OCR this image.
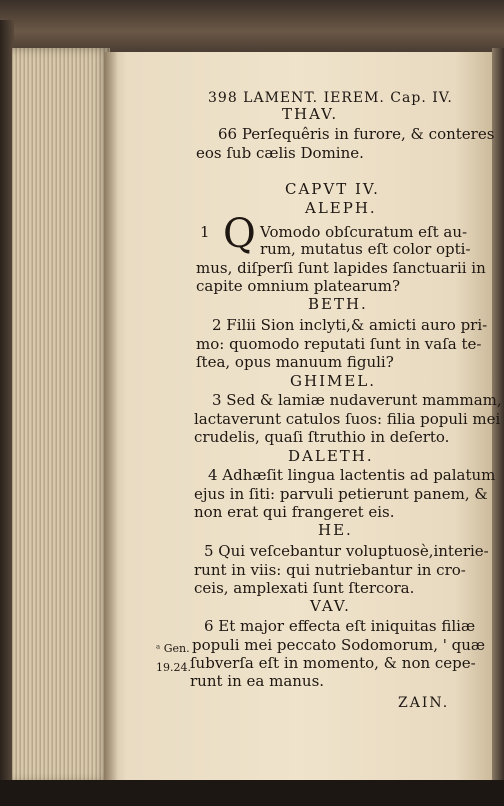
398 LAMENT. IEREM. Cap. IV.
THAV.
66 Perſequêris in furore, & conteres
eos ſub cælis Domine.
CAPVT IV.
ALEPH.
1 Q Vomodo obſcuratum eſt au-
rum, mutatus eſt color opti-
mus, diſperſi ſunt lapides ſanctuarii in
capite omnium platearum?
BETH.
2 Filii Sion inclyti,& amicti auro pri-
mo: quomodo reputati ſunt in vaſa te-
ſtea, opus manuum figuli?
GHIMEL.
3 Sed & lamiæ nudaverunt mammam,
lactaverunt catulos ſuos: filia populi mei
crudelis, quaſi ſtruthio in deſerto.
DALETH.
4 Adhæſit lingua lactentis ad palatum
ejus in ſiti: parvuli petierunt panem, &
non erat qui frangeret eis.
HE.
5 Qui veſcebantur voluptuosè,interie-
runt in viis: qui nutriebantur in cro-
ceis, amplexati ſunt ſtercora.
VAV.
6 Et major effecta eſt iniquitas filiæ
ᵃ Gen. populi mei peccato Sodomorum, ' quæ
19.24. ſubverſa eſt in momento, & non cepe-
runt in ea manus.
ZAIN.
